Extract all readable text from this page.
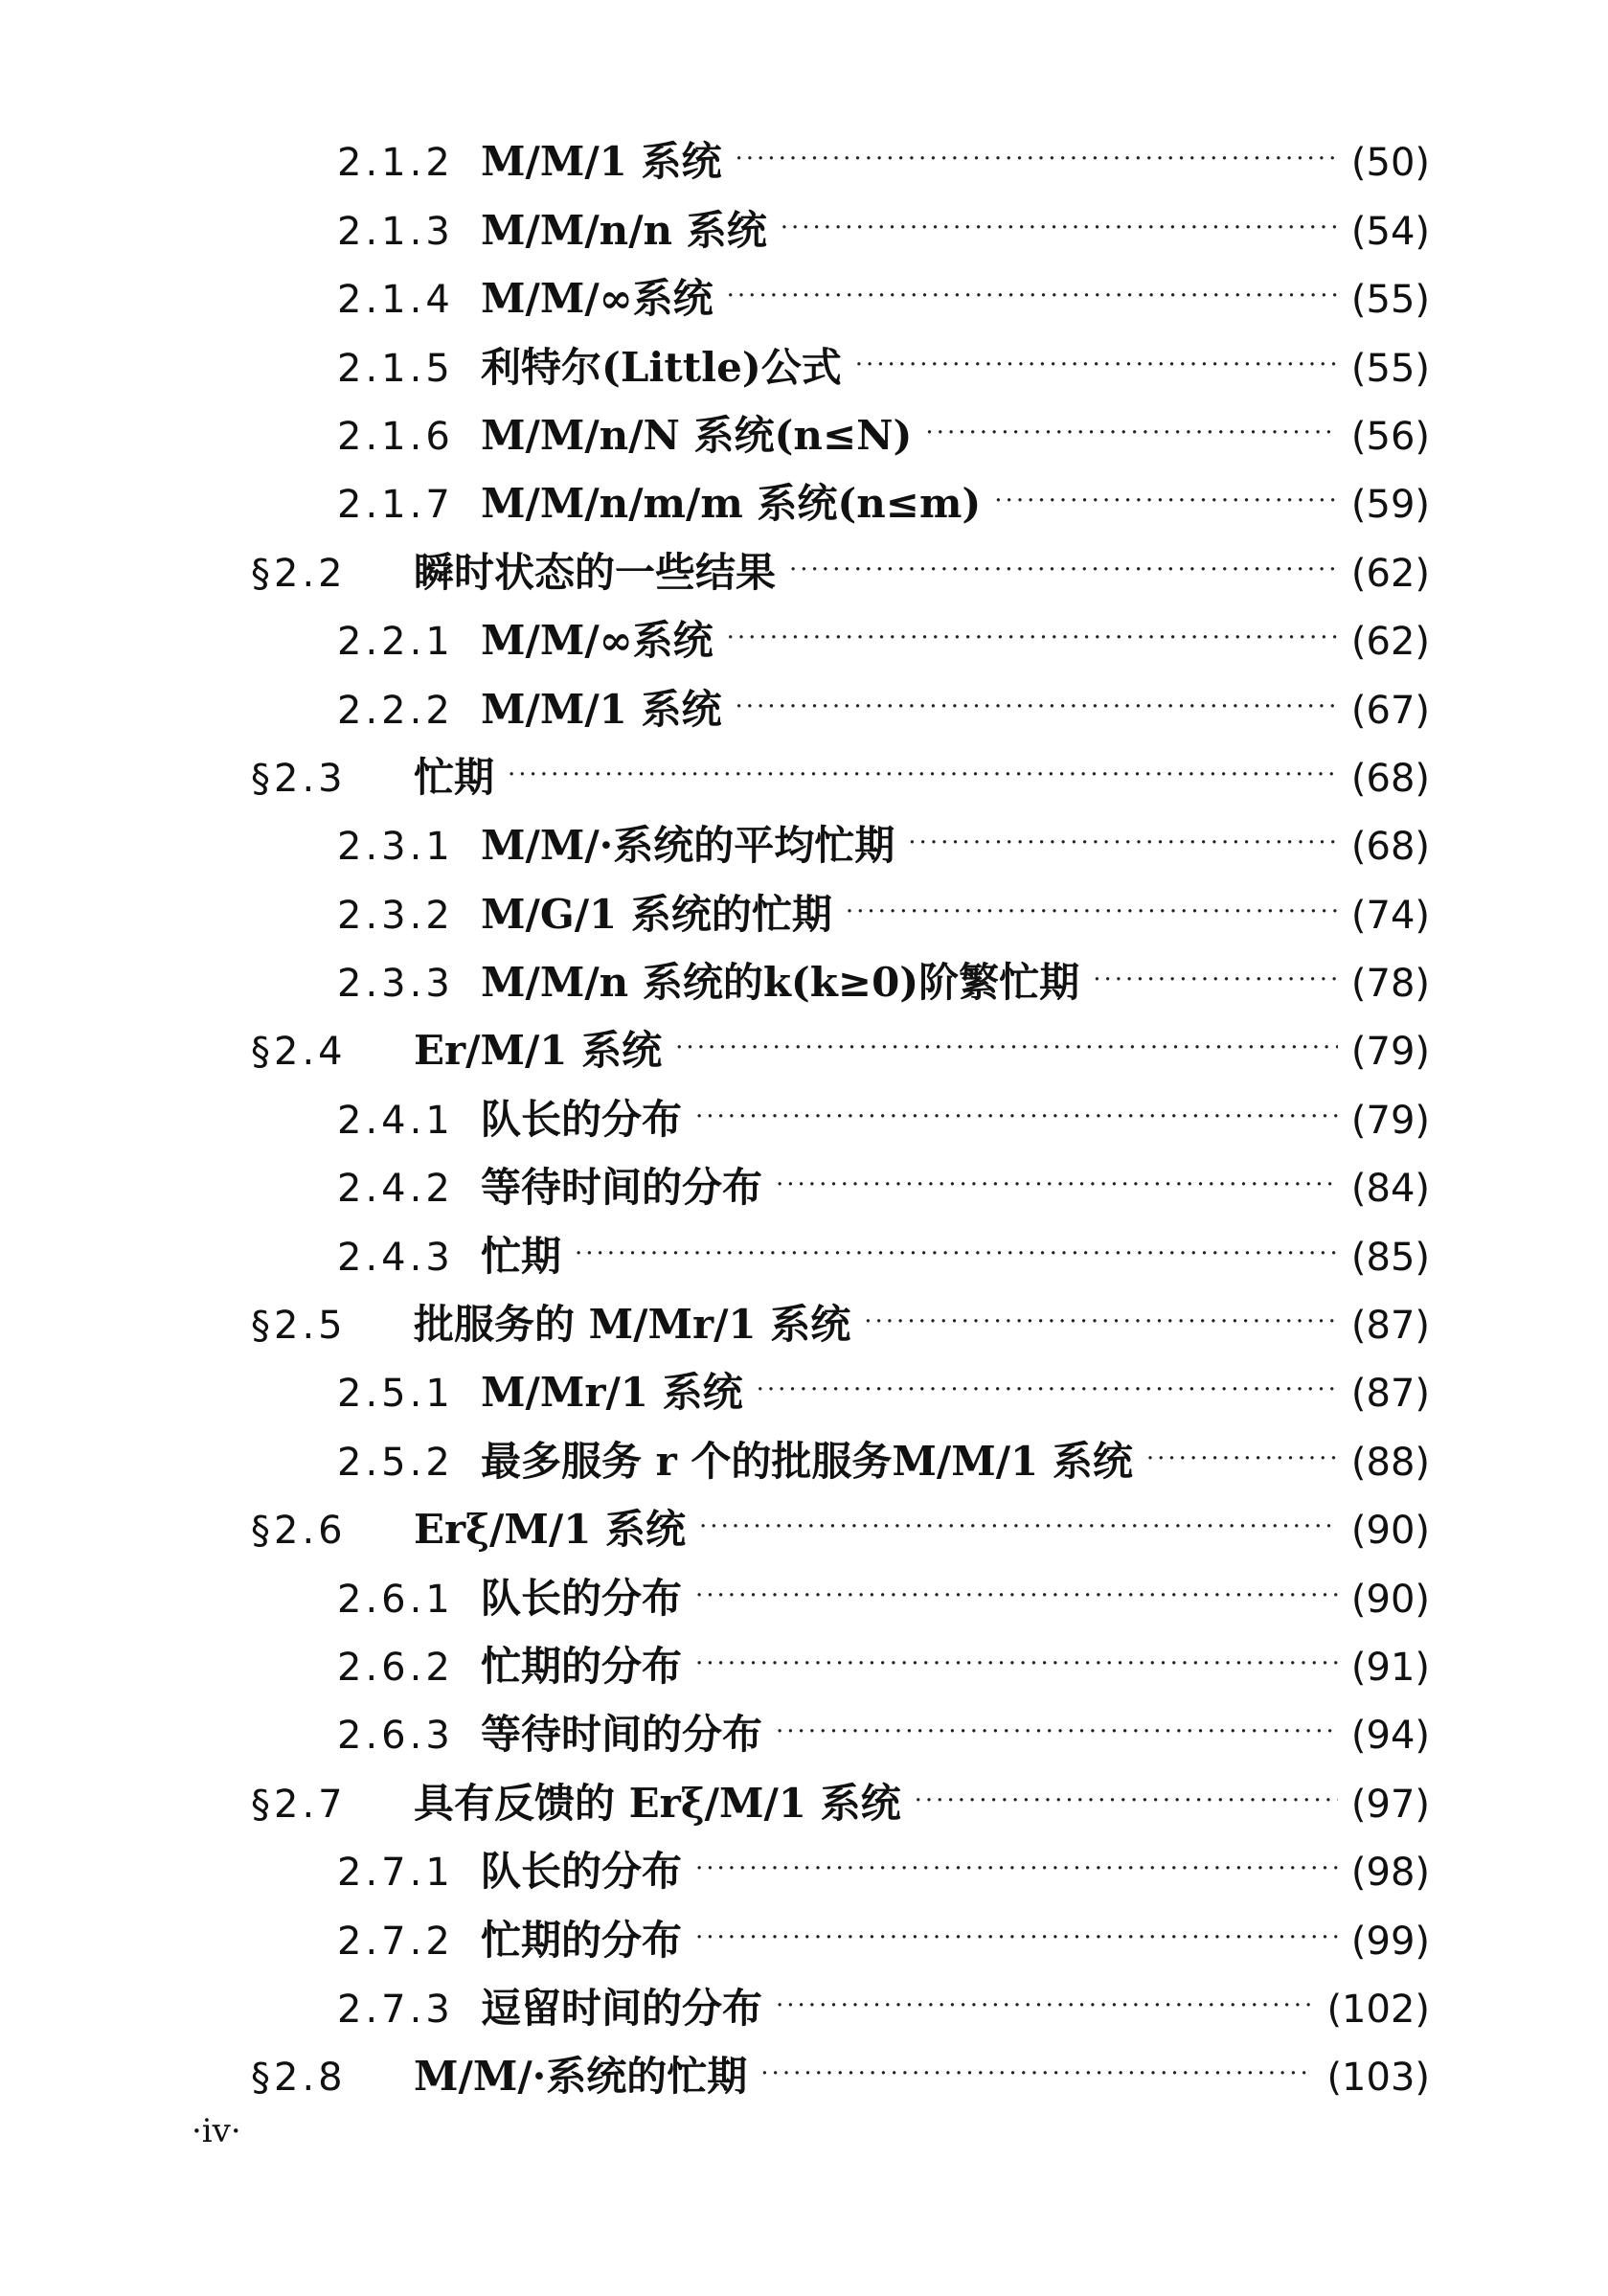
2.1.2 M/M/1 系统 .....	(50)
2.1.3 M/M/n/n 系统 .....	(54)
2.1.4 M/M/∞系统 .....	(55)
2.1.5 利特尔(Little)公式 .....	(55)
2.1.6 M/M/n/N 系统(n≤N) .....	(56)
2.1.7 M/M/n/m/m 系统(n≤m) .....	(59)
§2.2	瞬时状态的一些结果 .....	(62)
2.2.1 M/M/∞系统 .....	(62)
2.2.2 M/M/1 系统 .....	(67)
§2.3	忙期 .....	(68)
2.3.1 M/M/·系统的平均忙期 .....	(68)
2.3.2 M/G/1 系统的忙期 .....	(74)
2.3.3 M/M/n 系统的k(k≥0)阶繁忙期 .....	(78)
§2.4	Er/M/1 系统 .....	(79)
2.4.1 队长的分布 .....	(79)
2.4.2 等待时间的分布 .....	(84)
2.4.3 忙期 .....	(85)
§2.5	批服务的 M/Mr/1 系统 .....	(87)
2.5.1 M/Mr/1 系统 .....	(87)
2.5.2 最多服务 r 个的批服务M/M/1 系统 .....	(88)
§2.6	Erξ/M/1 系统 .....	(90)
2.6.1 队长的分布 .....	(90)
2.6.2 忙期的分布 .....	(91)
2.6.3 等待时间的分布 .....	(94)
§2.7	具有反馈的 Erξ/M/1 系统 .....	(97)
2.7.1 队长的分布 .....	(98)
2.7.2 忙期的分布 .....	(99)
2.7.3 逗留时间的分布 .....	(102)
§2.8	M/M/·系统的忙期 .....	(103)
·iv·
